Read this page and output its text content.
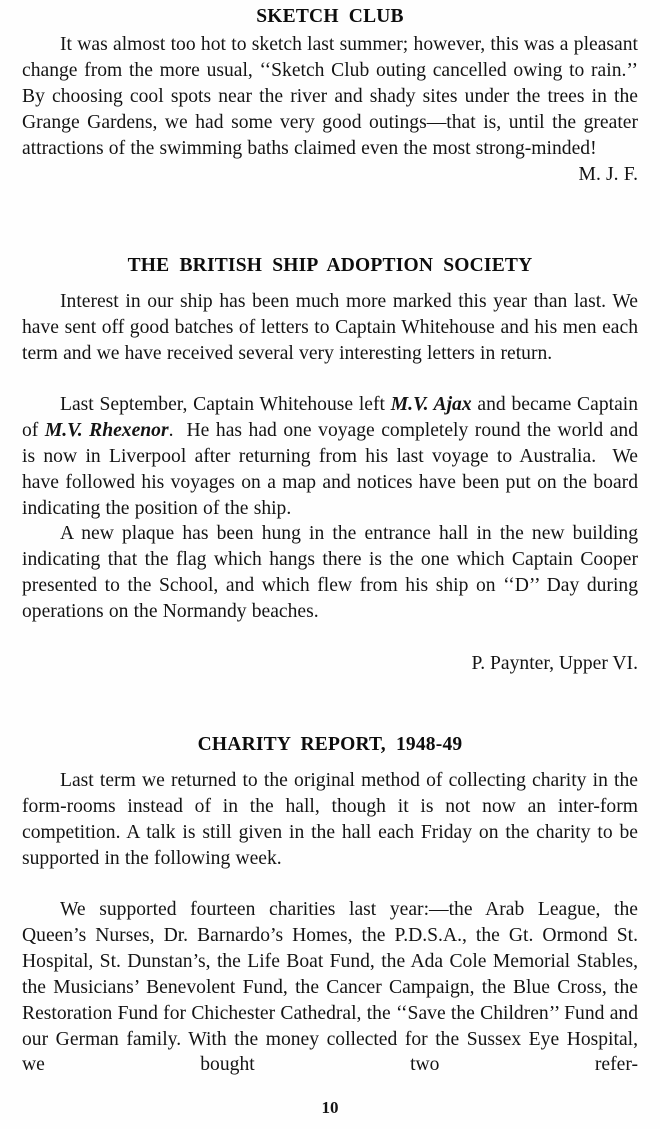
SKETCH CLUB

It was almost too hot to sketch last summer; however, this was a pleasant change from the more usual, ‘‘Sketch Club outing cancelled owing to rain.’’ By choosing cool spots near the river and shady sites under the trees in the Grange Gardens, we had some very good outings—that is, until the greater attractions of the swimming baths claimed even the most strong-minded!
M. J. F.

THE BRITISH SHIP ADOPTION SOCIETY

Interest in our ship has been much more marked this year than last. We have sent off good batches of letters to Captain Whitehouse and his men each term and we have received several very interesting letters in return.

Last September, Captain Whitehouse left M.V. Ajax and became Captain of M.V. Rhexenor.  He has had one voyage completely round the world and is now in Liverpool after returning from his last voyage to Australia.  We have followed his voyages on a map and notices have been put on the board indicating the position of the ship.

A new plaque has been hung in the entrance hall in the new building indicating that the flag which hangs there is the one which Captain Cooper presented to the School, and which flew from his ship on ‘‘D’’ Day during operations on the Normandy beaches.

P. Paynter, Upper VI.

CHARITY REPORT, 1948-49

Last term we returned to the original method of collecting charity in the form-rooms instead of in the hall, though it is not now an inter-form competition. A talk is still given in the hall each Friday on the charity to be supported in the following week.

We supported fourteen charities last year:—the Arab League, the Queen’s Nurses, Dr. Barnardo’s Homes, the P.D.S.A., the Gt. Ormond St. Hospital, St. Dunstan’s, the Life Boat Fund, the Ada Cole Memorial Stables, the Musicians’ Benevolent Fund, the Cancer Campaign, the Blue Cross, the Restoration Fund for Chichester Cathedral, the ‘‘Save the Children’’ Fund and our German family. With the money collected for the Sussex Eye Hospital, we bought two refer-

10
